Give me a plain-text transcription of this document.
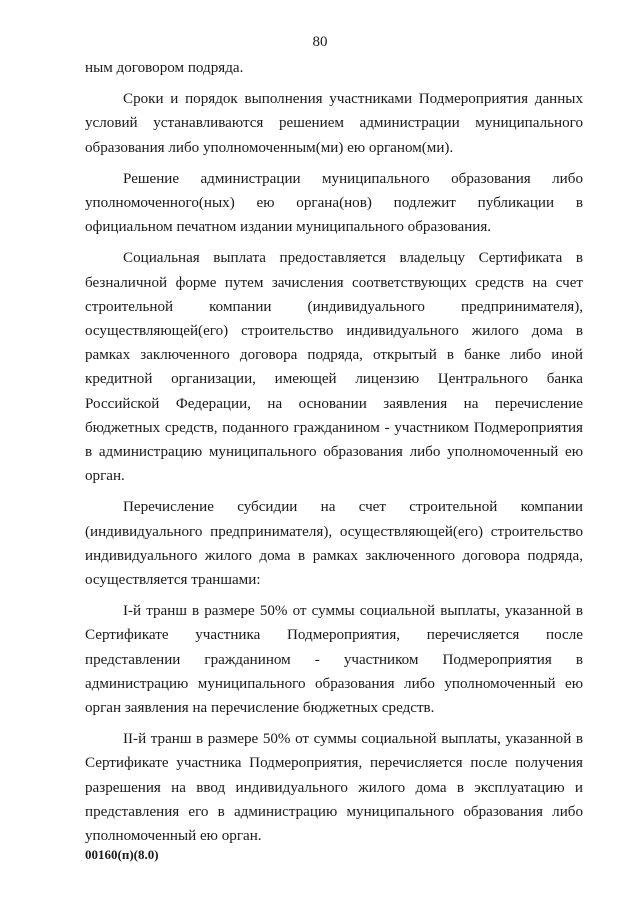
80

ным договором подряда.

Сроки и порядок выполнения участниками Подмероприятия данных условий устанавливаются решением администрации муниципального образования либо уполномоченным(ми) ею органом(ми).

Решение администрации муниципального образования либо уполномоченного(ных) ею органа(нов) подлежит публикации в официальном печатном издании муниципального образования.

Социальная выплата предоставляется владельцу Сертификата в безналичной форме путем зачисления соответствующих средств на счет строительной компании (индивидуального предпринимателя), осуществляющей(его) строительство индивидуального жилого дома в рамках заключенного договора подряда, открытый в банке либо иной кредитной организации, имеющей лицензию Центрального банка Российской Федерации, на основании заявления на перечисление бюджетных средств, поданного гражданином - участником Подмероприятия в администрацию муниципального образования либо уполномоченный ею орган.

Перечисление субсидии на счет строительной компании (индивидуального предпринимателя), осуществляющей(его) строительство индивидуального жилого дома в рамках заключенного договора подряда, осуществляется траншами:

I-й транш в размере 50% от суммы социальной выплаты, указанной в Сертификате участника Подмероприятия, перечисляется после представлении гражданином - участником Подмероприятия в администрацию муниципального образования либо уполномоченный ею орган заявления на перечисление бюджетных средств.

II-й транш в размере 50% от суммы социальной выплаты, указанной в Сертификате участника Подмероприятия, перечисляется после получения разрешения на ввод индивидуального жилого дома в эксплуатацию и представления его в администрацию муниципального образования либо уполномоченный ею орган.

00160(п)(8.0)
